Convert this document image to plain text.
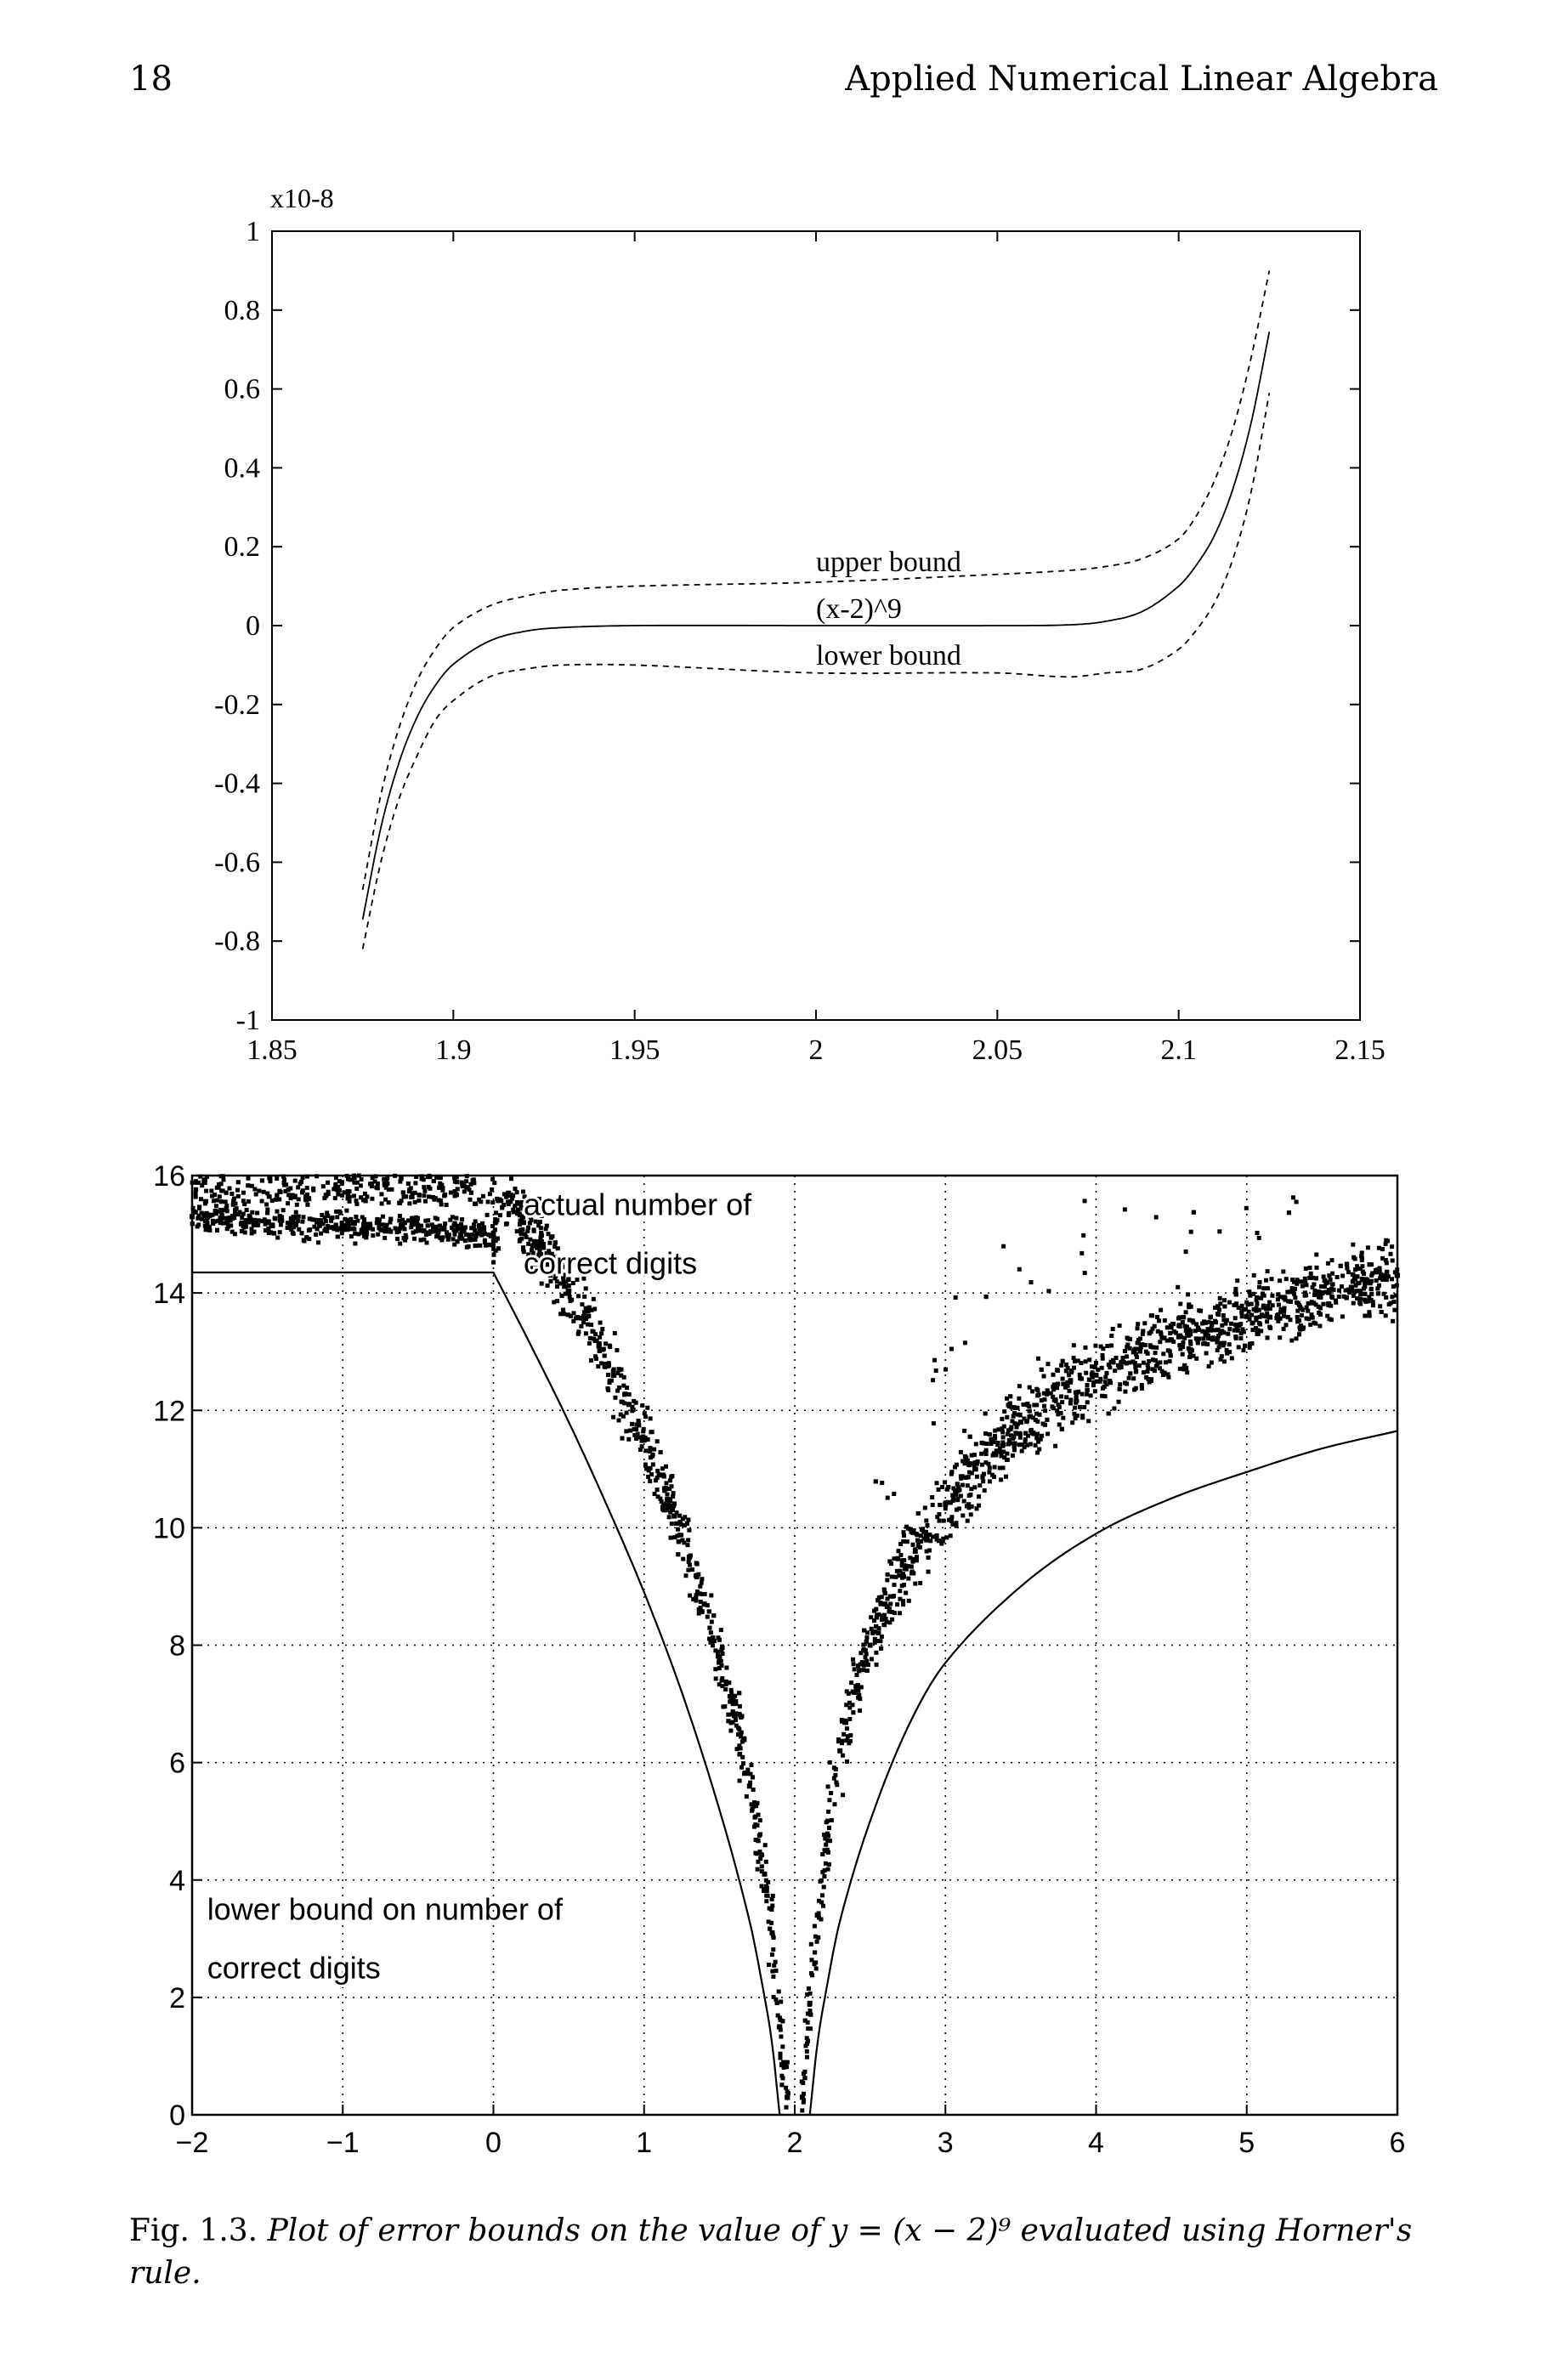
18	Applied Numerical Linear Algebra
1.85	1.9	1.95	2	2.05	2.1	2.15
-1
-0.8
-0.6
-0.4
-0.2
0
0.2
0.4
0.6
0.8
1
x10-8
upper bound
(x-2)^9
lower bound
−2	−1	0	1	2	3	4	5	6
0
2
4
6
8
10
12
14
16
actual number of
correct digits
lower bound on number of
correct digits
Fig. 1.3. Plot of error bounds on the value of y = (x − 2)⁹ evaluated using Horner's rule.
